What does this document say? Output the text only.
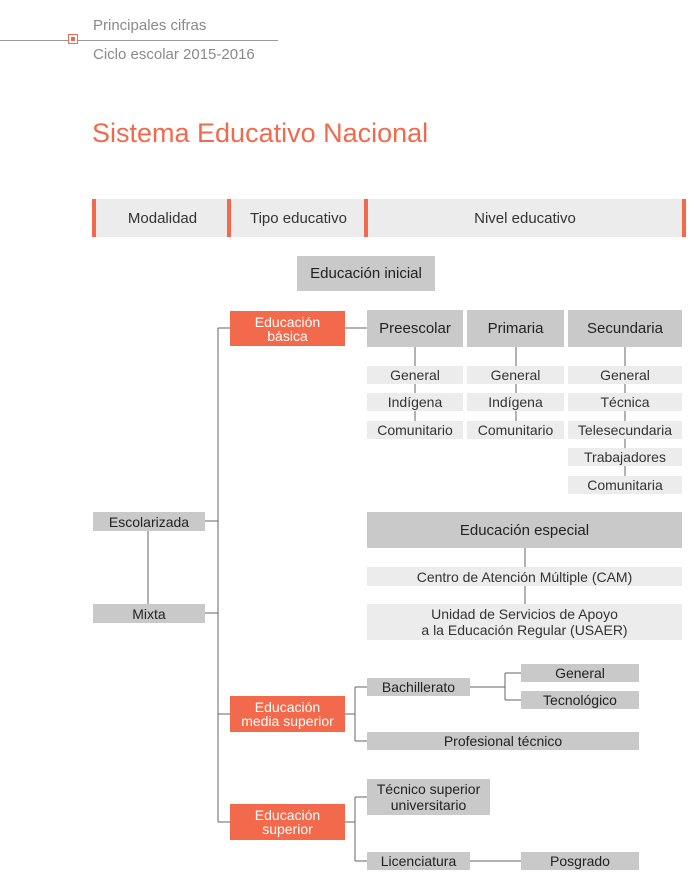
Principales cifras
Ciclo escolar 2015-2016
Sistema Educativo Nacional
Modalidad	Tipo educativo	Nivel educativo
Escolarizada
Mixta
Educación inicial
Educación
básica	Preescolar	Primaria	Secundaria
General
Indígena
Comunitario
General
Indígena
Comunitario
General
Técnica
Telesecundaria
Trabajadores
Comunitaria
Educación especial
Centro de Atención Múltiple (CAM)
Unidad de Servicios de Apoyo
a la Educación Regular (USAER)
Educación
media superior
Bachillerato
General
Tecnológico
Profesional técnico
Educación
superior
Técnico superior
universitario
Licenciatura	Posgrado
